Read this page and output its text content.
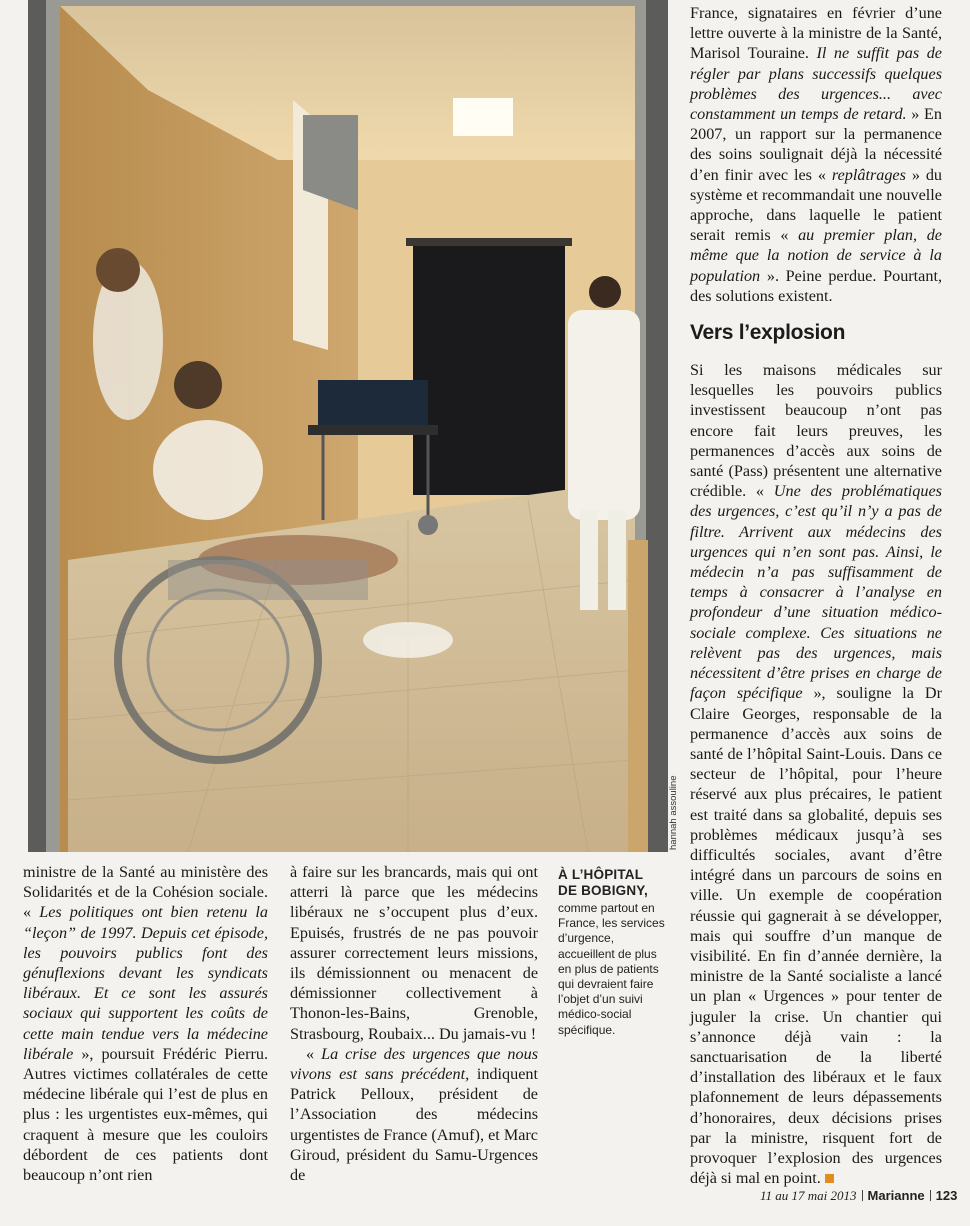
hannah assouline

France, signataires en février d’une lettre ouverte à la ministre de la Santé, Marisol Touraine. Il ne suffit pas de régler par plans successifs quelques problèmes des urgences... avec constamment un temps de retard. » En 2007, un rapport sur la permanence des soins soulignait déjà la nécessité d’en finir avec les « replâtrages » du système et recommandait une nouvelle approche, dans laquelle le patient serait remis « au premier plan, de même que la notion de service à la population ». Peine perdue. Pourtant, des solutions existent.

Vers l’explosion

Si les maisons médicales sur lesquelles les pouvoirs publics investissent beaucoup n’ont pas encore fait leurs preuves, les permanences d’accès aux soins de santé (Pass) présentent une alternative crédible. « Une des problématiques des urgences, c’est qu’il n’y a pas de filtre. Arrivent aux médecins des urgences qui n’en sont pas. Ainsi, le médecin n’a pas suffisamment de temps à consacrer à l’analyse en profondeur d’une situation médico-sociale complexe. Ces situations ne relèvent pas des urgences, mais nécessitent d’être prises en charge de façon spécifique », souligne la Dr Claire Georges, responsable de la permanence d’accès aux soins de santé de l’hôpital Saint-Louis. Dans ce secteur de l’hôpital, pour l’heure réservé aux plus précaires, le patient est traité dans sa globalité, depuis ses problèmes médicaux jusqu’à ses difficultés sociales, avant d’être intégré dans un parcours de soins en ville. Un exemple de coopération réussie qui gagnerait à se développer, mais qui souffre d’un manque de visibilité. En fin d’année dernière, la ministre de la Santé socialiste a lancé un plan « Urgences » pour tenter de juguler la crise. Un chantier qui s’annonce déjà vain : la sanctuarisation de la liberté d’installation des libéraux et le faux plafonnement de leurs dépassements d’honoraires, deux décisions prises par la ministre, risquent fort de provoquer l’explosion des urgences déjà si mal en point.

ministre de la Santé au ministère des Solidarités et de la Cohésion sociale. « Les politiques ont bien retenu la “leçon” de 1997. Depuis cet épisode, les pouvoirs publics font des génuflexions devant les syndicats libéraux. Et ce sont les assurés sociaux qui supportent les coûts de cette main tendue vers la médecine libérale », poursuit Frédéric Pierru. Autres victimes collatérales de cette médecine libérale qui l’est de plus en plus : les urgentistes eux-mêmes, qui craquent à mesure que les couloirs débordent de ces patients dont beaucoup n’ont rien

à faire sur les brancards, mais qui ont atterri là parce que les médecins libéraux ne s’occupent plus d’eux. Epuisés, frustrés de ne pas pouvoir assurer correctement leurs missions, ils démissionnent ou menacent de démissionner collectivement à Thonon-les-Bains, Grenoble, Strasbourg, Roubaix... Du jamais-vu !

« La crise des urgences que nous vivons est sans précédent, indiquent Patrick Pelloux, président de l’Association des médecins urgentistes de France (Amuf), et Marc Giroud, président du Samu-Urgences de

À L’HÔPITAL
DE BOBIGNY,
comme partout en France, les services d’urgence, accueillent de plus en plus de patients qui devraient faire l’objet d’un suivi médico-social spécifique.
11 au 17 mai 2013 Marianne 123
